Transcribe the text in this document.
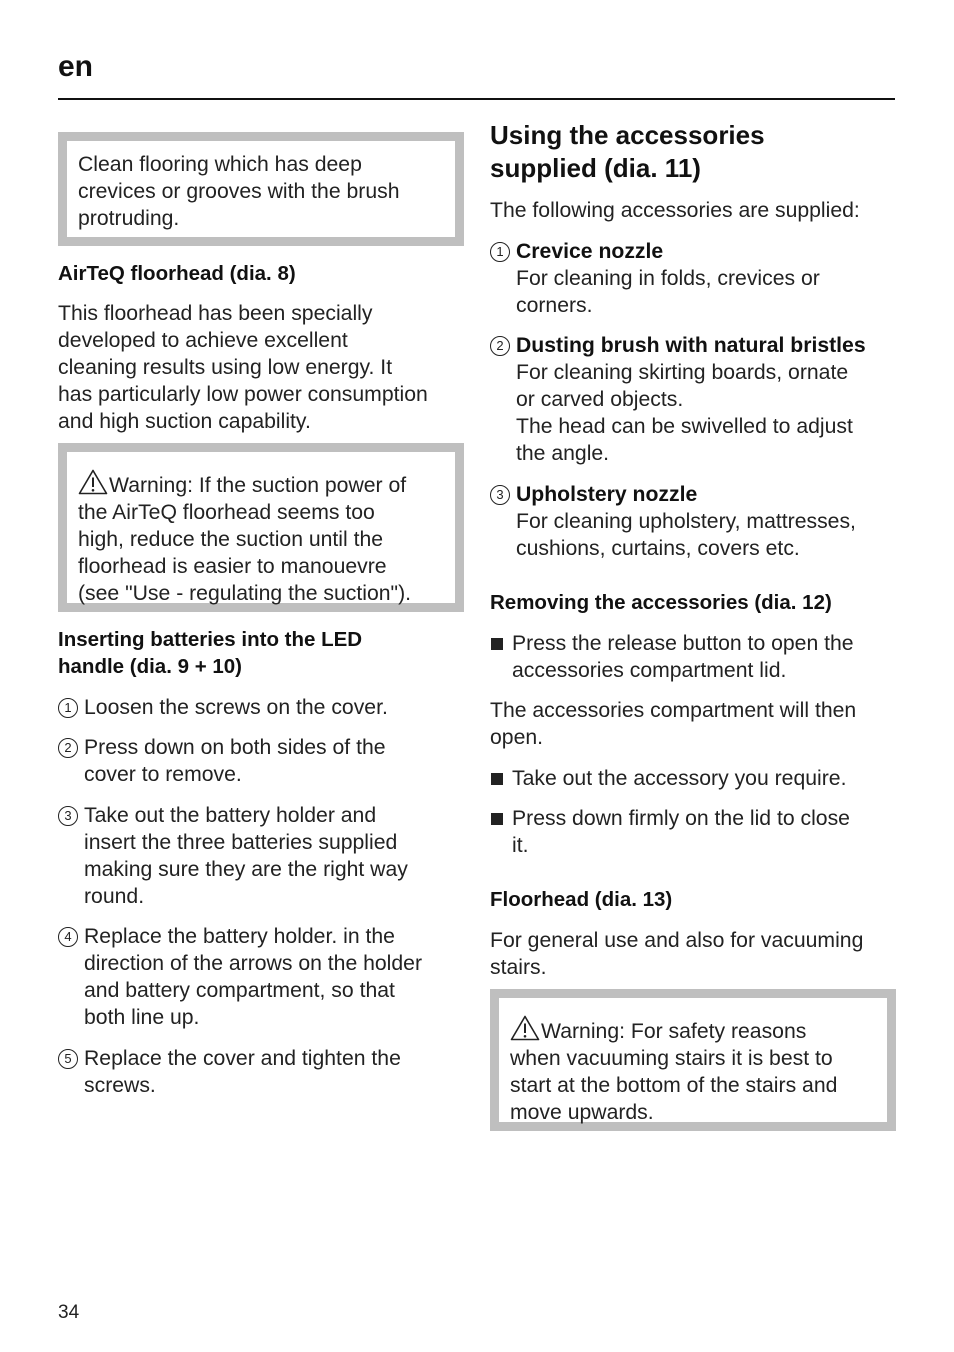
en
Clean flooring which has deep
crevices or grooves with the brush
protruding.
AirTeQ floorhead (dia. 8)
This floorhead has been specially
developed to achieve excellent
cleaning results using low energy. It
has particularly low power consumption
and high suction capability.
Warning: If the suction power of
the AirTeQ floorhead seems too
high, reduce the suction until the
floorhead is easier to manouevre
(see "Use - regulating the suction").
Inserting batteries into the LED
handle (dia. 9 + 10)
1 Loosen the screws on the cover.
2 Press down on both sides of the
cover to remove.
3 Take out the battery holder and
insert the three batteries supplied
making sure they are the right way
round.
4 Replace the battery holder. in the
direction of the arrows on the holder
and battery compartment, so that
both line up.
5 Replace the cover and tighten the
screws.
Using the accessories
supplied (dia. 11)
The following accessories are supplied:
1 Crevice nozzle
For cleaning in folds, crevices or
corners.
2 Dusting brush with natural bristles
For cleaning skirting boards, ornate
or carved objects.
The head can be swivelled to adjust
the angle.
3 Upholstery nozzle
For cleaning upholstery, mattresses,
cushions, curtains, covers etc.
Removing the accessories (dia. 12)
Press the release button to open the
accessories compartment lid.
The accessories compartment will then
open.
Take out the accessory you require.
Press down firmly on the lid to close
it.
Floorhead (dia. 13)
For general use and also for vacuuming
stairs.
Warning: For safety reasons
when vacuuming stairs it is best to
start at the bottom of the stairs and
move upwards.
34
